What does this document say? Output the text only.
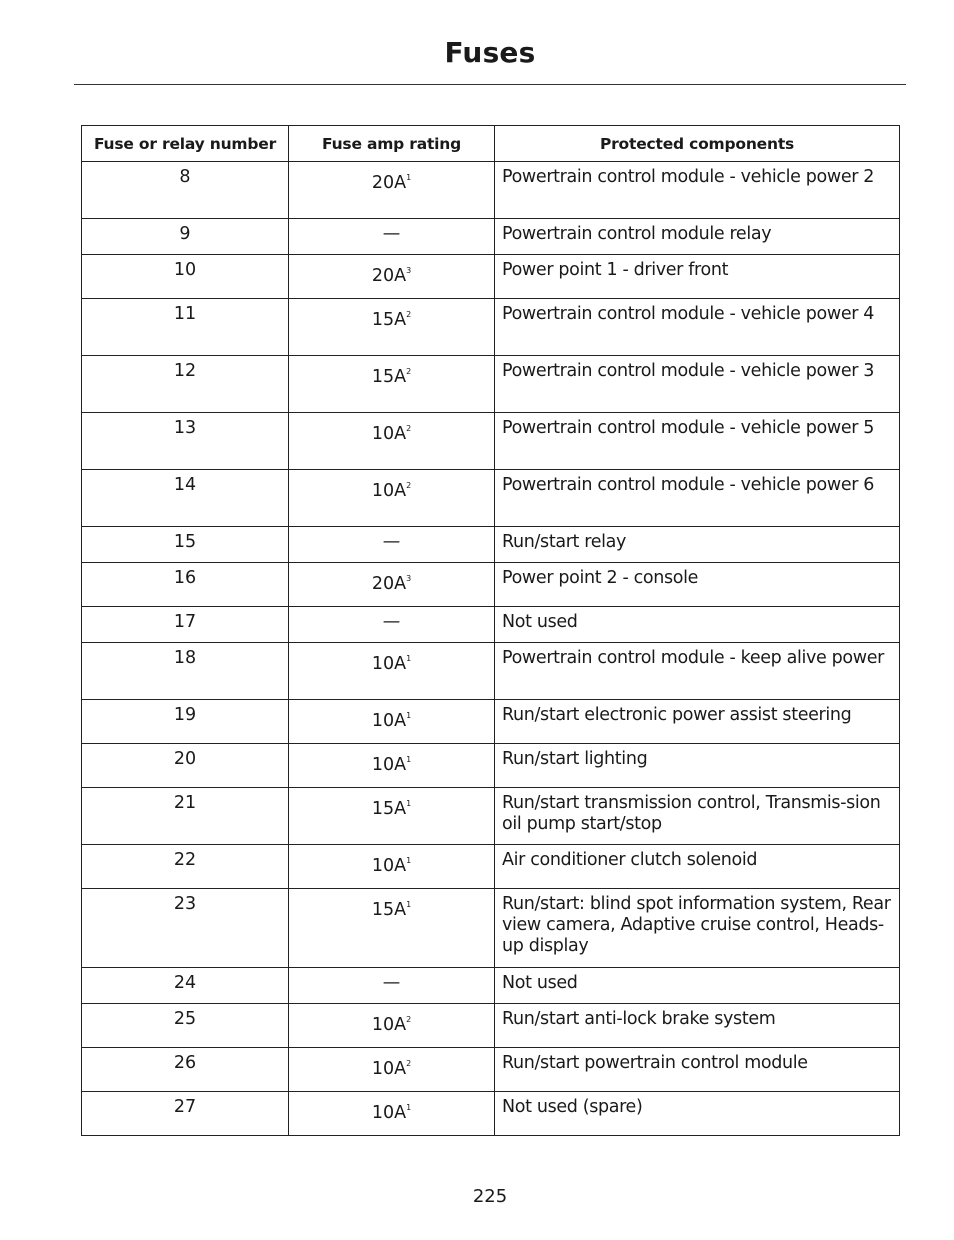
Fuses
Fuse or relay number	Fuse amp rating	Protected components
8	$20A^1$	Powertrain control module - vehicle power 2
9	—	Powertrain control module relay
10	$20A^3$	Power point 1 - driver front
11	$15A^2$	Powertrain control module - vehicle power 4
12	$15A^2$	Powertrain control module - vehicle power 3
13	$10A^2$	Powertrain control module - vehicle power 5
14	$10A^2$	Powertrain control module - vehicle power 6
15	—	Run/start relay
16	$20A^3$	Power point 2 - console
17	—	Not used
18	$10A^1$	Powertrain control module - keep alive power
19	$10A^1$	Run/start electronic power assist steering
20	$10A^1$	Run/start lighting
21	$15A^1$	Run/start transmission control, Transmis-sion oil pump start/stop
22	$10A^1$	Air conditioner clutch solenoid
23	$15A^1$	Run/start: blind spot information system, Rear view camera, Adaptive cruise control, Heads-up display
24	—	Not used
25	$10A^2$	Run/start anti-lock brake system
26	$10A^2$	Run/start powertrain control module
27	$10A^1$	Not used (spare)
225
